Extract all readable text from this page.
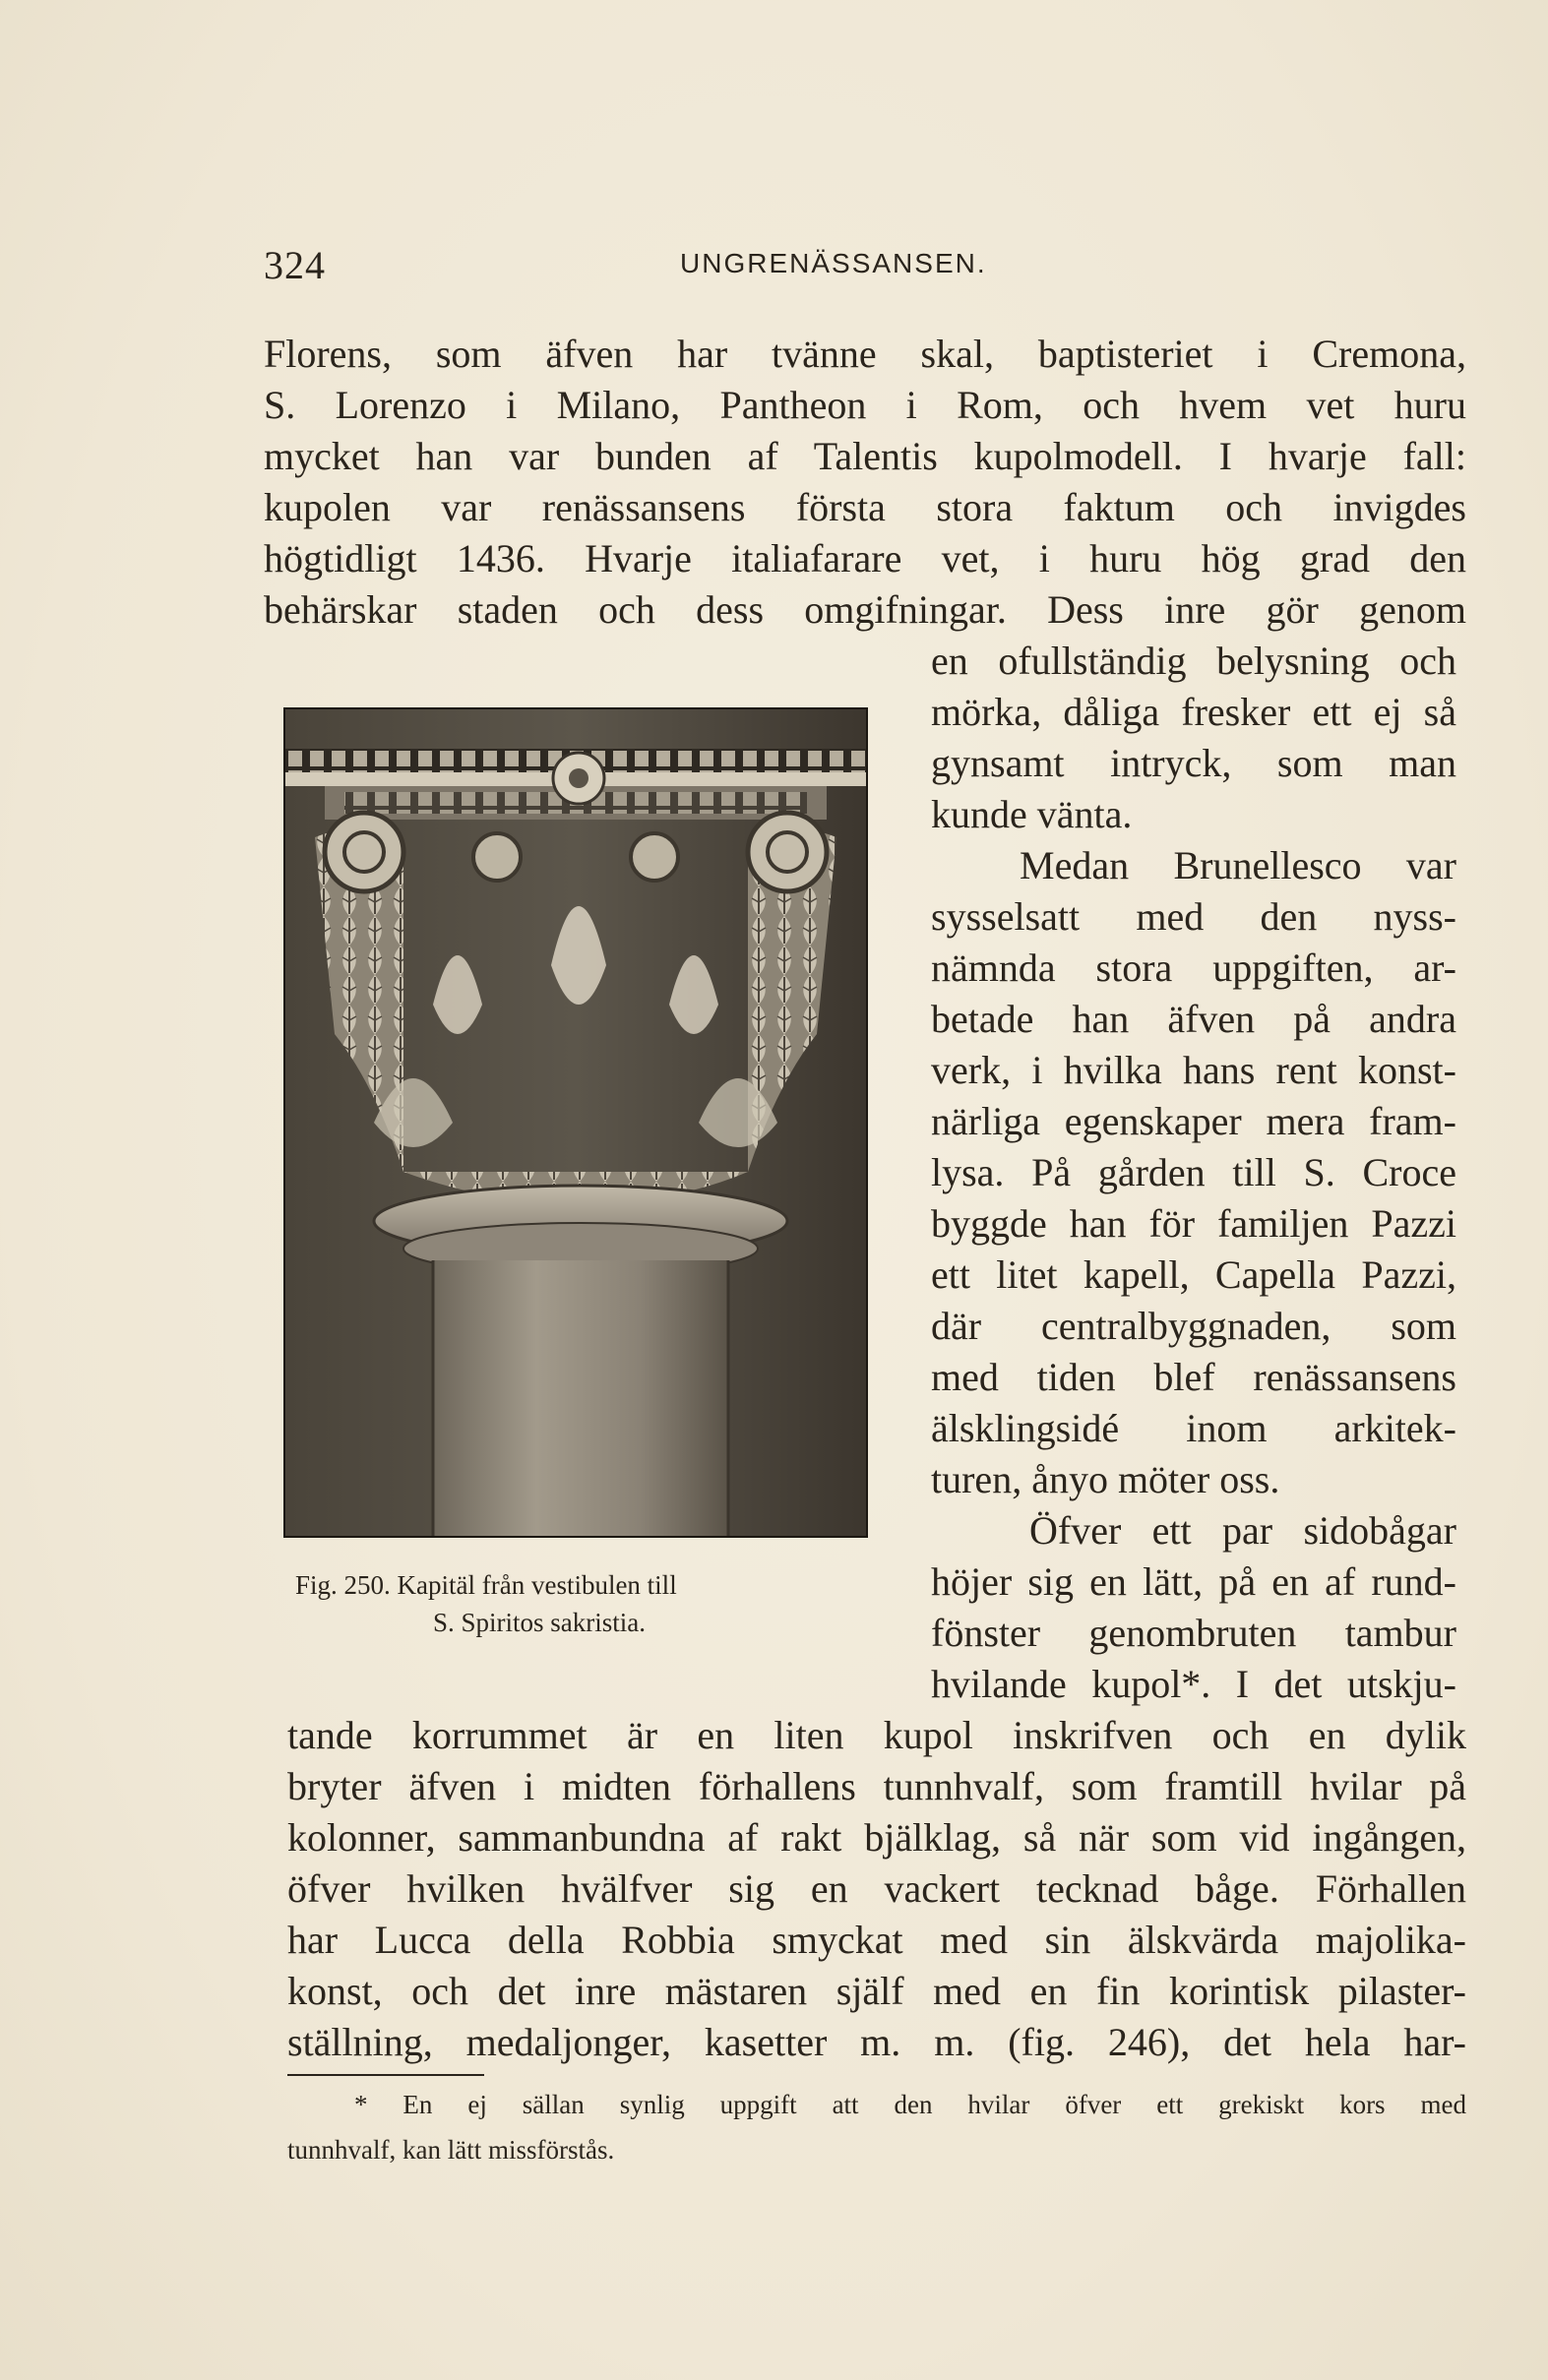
324	UNGRENÄSSANSEN.
Florens, som äfven har tvänne skal, baptisteriet i Cremona,
S. Lorenzo i Milano, Pantheon i Rom, och hvem vet huru
mycket han var bunden af Talentis kupolmodell. I hvarje fall:
kupolen var renässansens första stora faktum och invigdes
högtidligt 1436. Hvarje italiafarare vet, i huru hög grad den
behärskar staden och dess omgifningar. Dess inre gör genom
Fig. 250. Kapitäl från vestibulen till
S. Spiritos sakristia.
en ofullständig belysning och
mörka, dåliga fresker ett ej så
gynsamt intryck, som man
kunde vänta.
Medan Brunellesco var
sysselsatt med den nyss-
nämnda stora uppgiften, ar-
betade han äfven på andra
verk, i hvilka hans rent konst-
närliga egenskaper mera fram-
lysa. På gården till S. Croce
byggde han för familjen Pazzi
ett litet kapell, Capella Pazzi,
där centralbyggnaden, som
med tiden blef renässansens
älsklingsidé inom arkitek-
turen, ånyo möter oss.
Öfver ett par sidobågar
höjer sig en lätt, på en af rund-
fönster genombruten tambur
hvilande kupol*. I det utskju-
tande korrummet är en liten kupol inskrifven och en dylik
bryter äfven i midten förhallens tunnhvalf, som framtill hvilar på
kolonner, sammanbundna af rakt bjälklag, så när som vid ingången,
öfver hvilken hvälfver sig en vackert tecknad båge. Förhallen
har Lucca della Robbia smyckat med sin älskvärda majolika-
konst, och det inre mästaren själf med en fin korintisk pilaster-
ställning, medaljonger, kasetter m. m. (fig. 246), det hela har-
* En ej sällan synlig uppgift att den hvilar öfver ett grekiskt kors med
tunnhvalf, kan lätt missförstås.
